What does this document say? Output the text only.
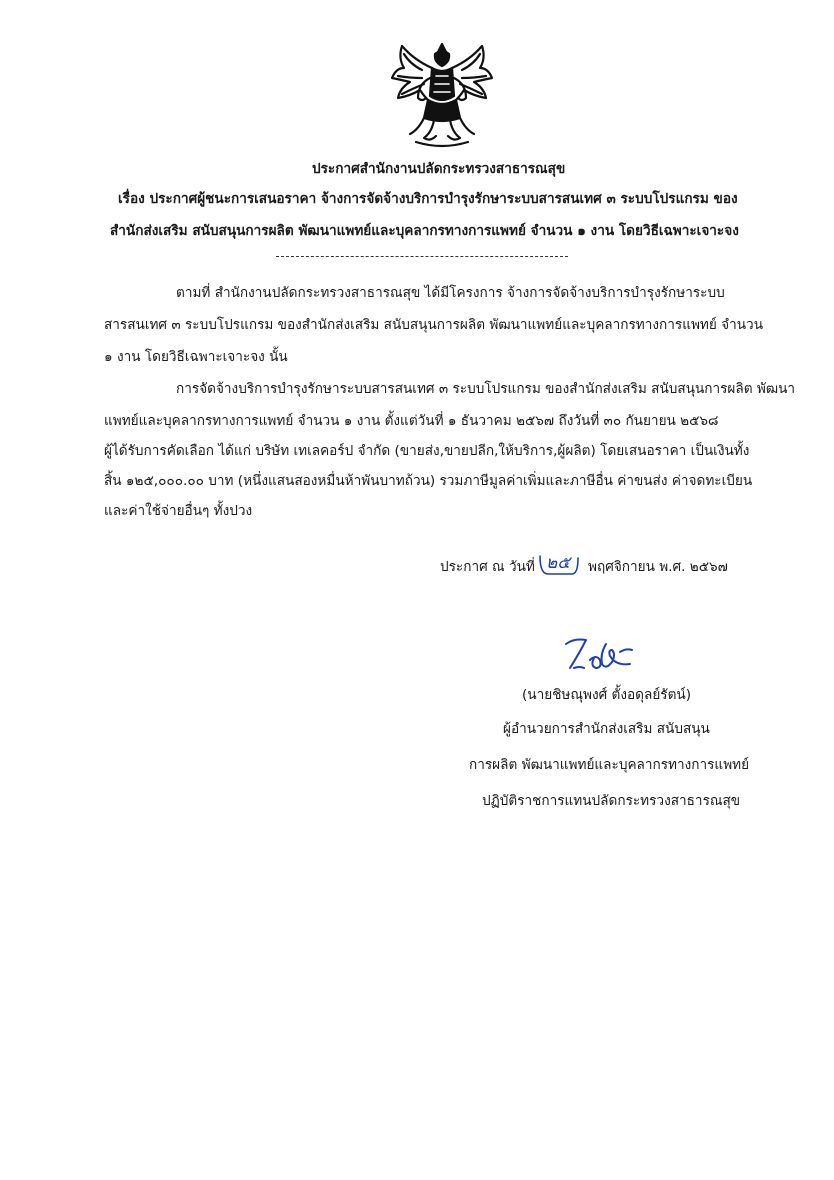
ประกาศสำนักงานปลัดกระทรวงสาธารณสุข
เรื่อง ประกาศผู้ชนะการเสนอราคา จ้างการจัดจ้างบริการบำรุงรักษาระบบสารสนเทศ ๓ ระบบโปรแกรม ของ
สำนักส่งเสริม สนับสนุนการผลิต พัฒนาแพทย์และบุคลากรทางการแพทย์ จำนวน ๑ งาน โดยวิธีเฉพาะเจาะจง
ตามที่ สำนักงานปลัดกระทรวงสาธารณสุข ได้มีโครงการ จ้างการจัดจ้างบริการบำรุงรักษาระบบ
สารสนเทศ ๓ ระบบโปรแกรม ของสำนักส่งเสริม สนับสนุนการผลิต พัฒนาแพทย์และบุคลากรทางการแพทย์ จำนวน
๑ งาน โดยวิธีเฉพาะเจาะจง นั้น
การจัดจ้างบริการบำรุงรักษาระบบสารสนเทศ ๓ ระบบโปรแกรม ของสำนักส่งเสริม สนับสนุนการผลิต พัฒนา
แพทย์และบุคลากรทางการแพทย์ จำนวน ๑ งาน ตั้งแต่วันที่ ๑ ธันวาคม ๒๕๖๗ ถึงวันที่ ๓๐ กันยายน ๒๕๖๘
ผู้ได้รับการคัดเลือก ได้แก่ บริษัท เทเลคอร์ป จำกัด (ขายส่ง,ขายปลีก,ให้บริการ,ผู้ผลิต) โดยเสนอราคา เป็นเงินทั้ง
สิ้น ๑๒๕,๐๐๐.๐๐ บาท (หนึ่งแสนสองหมื่นห้าพันบาทถ้วน) รวมภาษีมูลค่าเพิ่มและภาษีอื่น ค่าขนส่ง ค่าจดทะเบียน
และค่าใช้จ่ายอื่นๆ ทั้งปวง
ประกาศ ณ วันที่ ๒๕ พฤศจิกายน พ.ศ. ๒๕๖๗
(นายชิษณุพงศ์ ตั้งอดุลย์รัตน์)
ผู้อำนวยการสำนักส่งเสริม สนับสนุน
การผลิต พัฒนาแพทย์และบุคลากรทางการแพทย์
ปฏิบัติราชการแทนปลัดกระทรวงสาธารณสุข
